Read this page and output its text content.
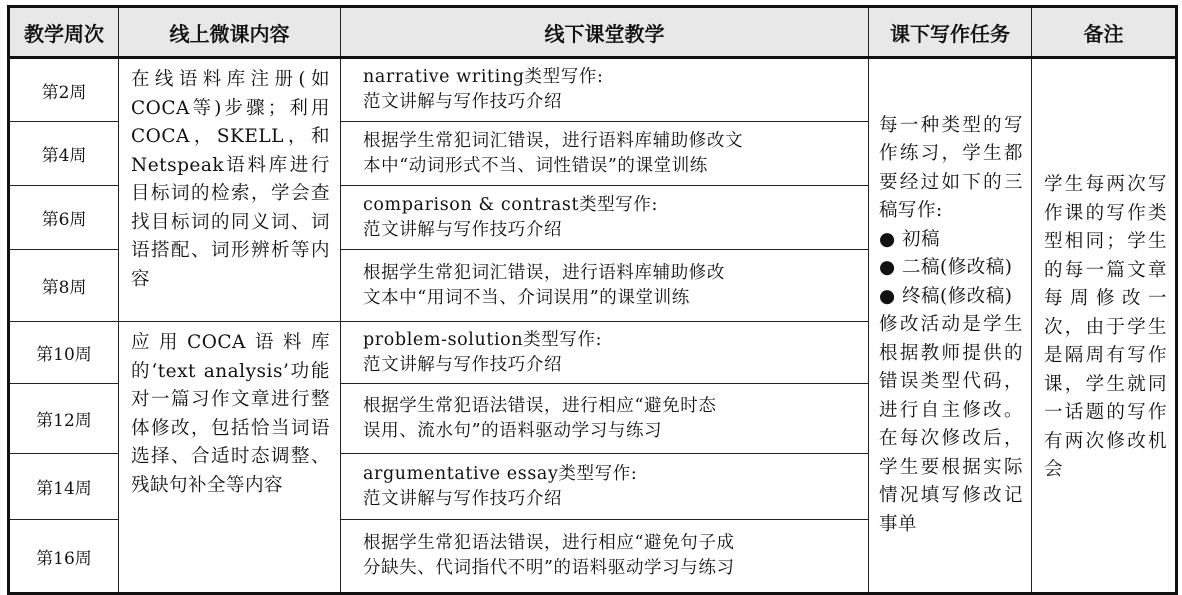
教学周次	线上微课内容	线下课堂教学	课下写作任务	备注
第2周	在线语料库注册(如COCA等)步骤；利用COCA，SKELL，和Netspeak语料库进行目标词的检索，学会查找目标词的同义词、词语搭配、词形辨析等内容	narrative writing类型写作:
范文讲解与写作技巧介绍	每一种类型的写作练习，学生都要经过如下的三稿写作:
● 初稿
● 二稿(修改稿)
● 终稿(修改稿)
修改活动是学生根据教师提供的错误类型代码，进行自主修改。在每次修改后，学生要根据实际情况填写修改记事单	学生每两次写作课的写作类型相同；学生的每一篇文章每周修改一次，由于学生是隔周有写作课，学生就同一话题的写作有两次修改机会

第4周		根据学生常犯词汇错误，进行语料库辅助修改文
本中“动词形式不当、词性错误”的课堂训练		

第6周		comparison & contrast类型写作:
范文讲解与写作技巧介绍		

第8周		根据学生常犯词汇错误，进行语料库辅助修改
文本中“用词不当、介词误用”的课堂训练		

第10周	应用COCA语料库的‘text analysis’功能对一篇习作文章进行整体修改，包括恰当词语选择、合适时态调整、残缺句补全等内容	problem-solution类型写作:
范文讲解与写作技巧介绍		

第12周		根据学生常犯语法错误，进行相应“避免时态
误用、流水句”的语料驱动学习与练习		

第14周		argumentative essay类型写作:
范文讲解与写作技巧介绍		

第16周		根据学生常犯语法错误，进行相应“避免句子成
分缺失、代词指代不明”的语料驱动学习与练习		
